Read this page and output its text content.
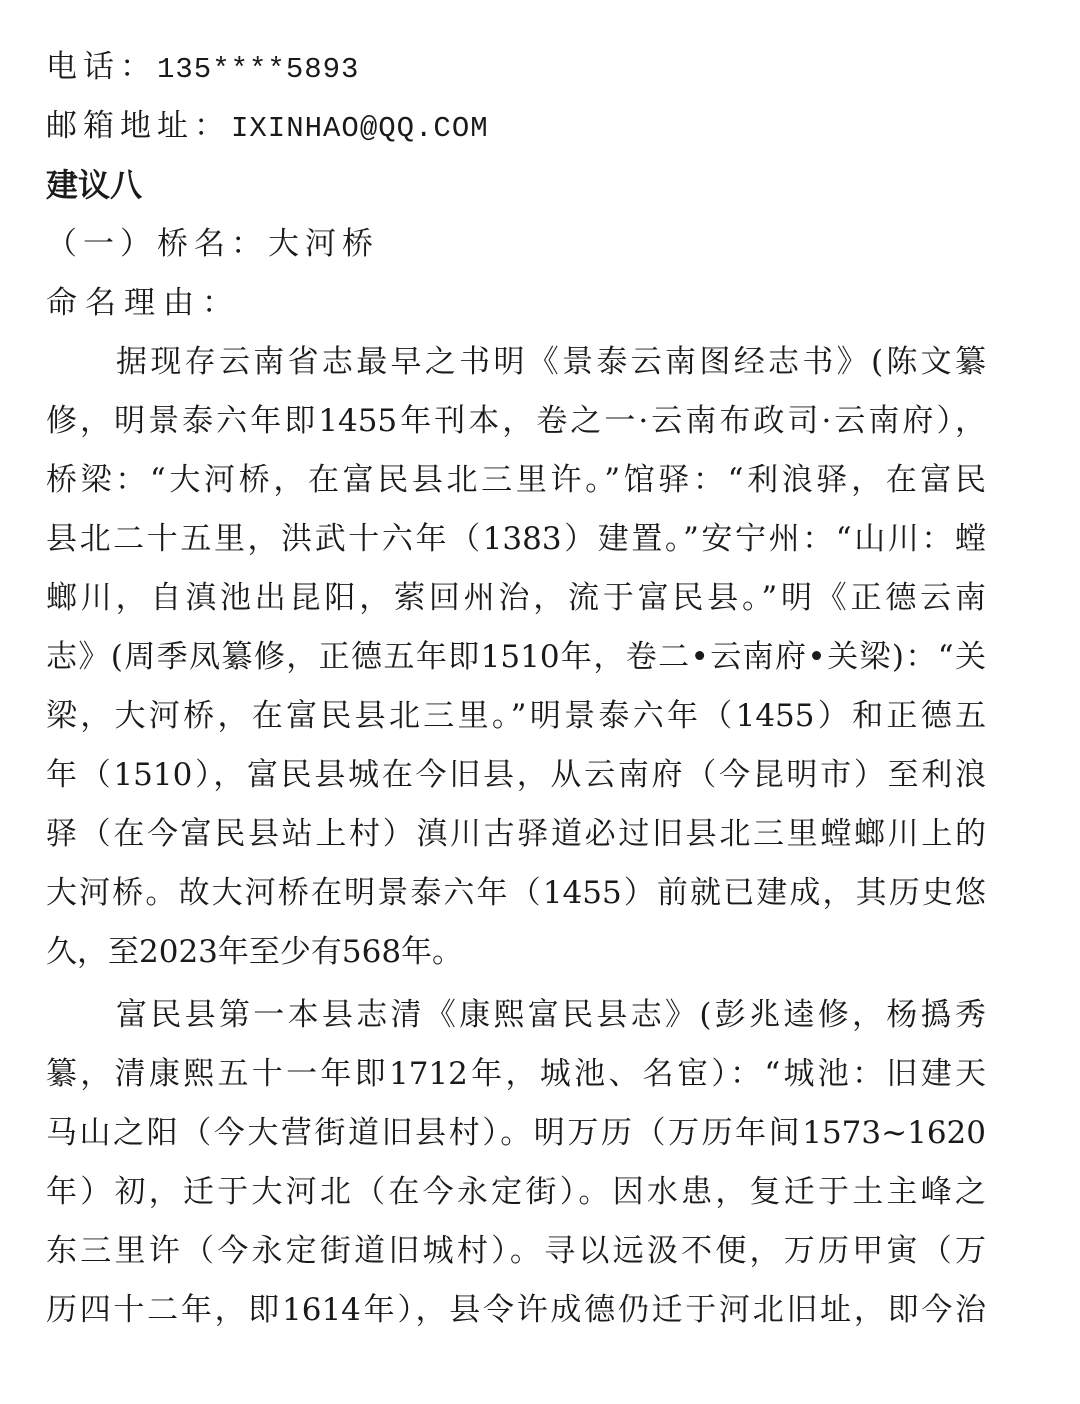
电话：135****5893
邮箱地址：IXINHAO@QQ.COM
建议八
（一）桥名：大河桥
命名理由：
据现存云南省志最早之书明《景泰云南图经志书》(陈文纂
修，明景泰六年即1455年刊本，卷之一·云南布政司·云南府），
桥梁：“大河桥，在富民县北三里许。”馆驿：“利浪驿，在富民
县北二十五里，洪武十六年（1383）建置。”安宁州：“山川：螳
螂川，自滇池出昆阳，萦回州治，流于富民县。”明《正德云南
志》(周季凤纂修，正德五年即1510年，卷二•云南府•关梁)：“关
梁，大河桥，在富民县北三里。”明景泰六年（1455）和正德五
年（1510），富民县城在今旧县，从云南府（今昆明市）至利浪
驿（在今富民县站上村）滇川古驿道必过旧县北三里螳螂川上的
大河桥。故大河桥在明景泰六年（1455）前就已建成，其历史悠
久，至2023年至少有568年。
富民县第一本县志清《康熙富民县志》(彭兆逵修，杨撝秀
纂，清康熙五十一年即1712年，城池、名宦）：“城池：旧建天
马山之阳（今大营街道旧县村）。明万历（万历年间1573~1620
年）初，迁于大河北（在今永定街）。因水患，复迁于土主峰之
东三里许（今永定街道旧城村）。寻以远汲不便，万历甲寅（万
历四十二年，即1614年），县令许成德仍迁于河北旧址，即今治
